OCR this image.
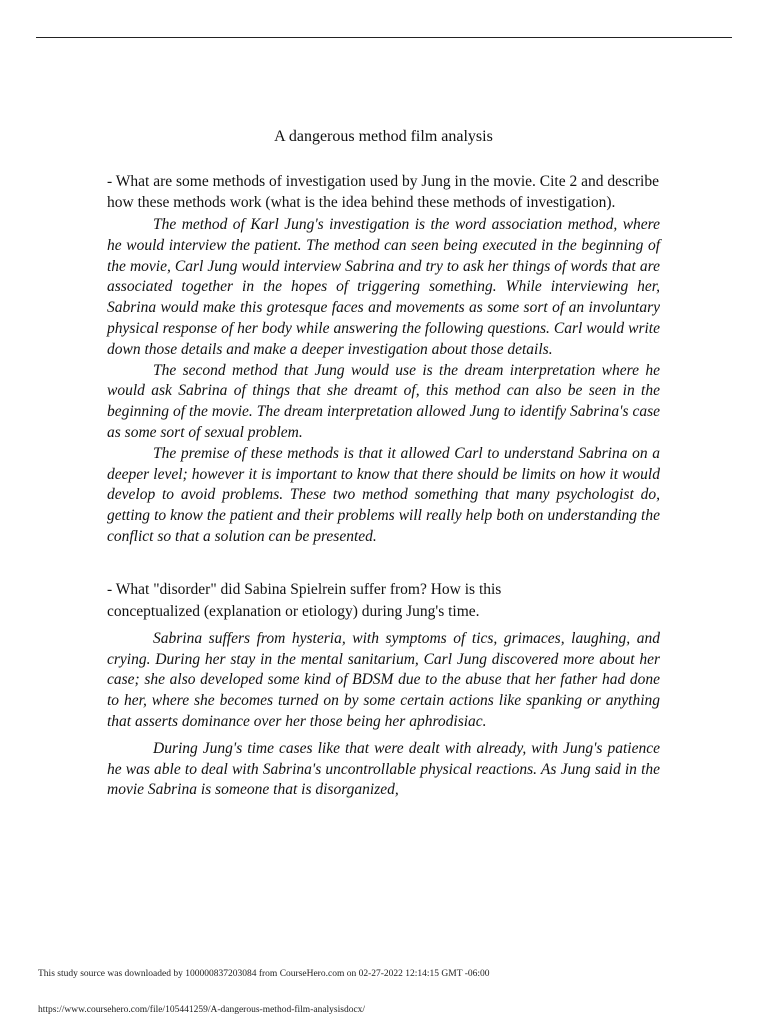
A dangerous method film analysis

- What are some methods of investigation used by Jung in the movie. Cite 2 and describe how these methods work (what is the idea behind these methods of investigation).

The method of Karl Jung's investigation is the word association method, where he would interview the patient. The method can seen being executed in the beginning of the movie, Carl Jung would interview Sabrina and try to ask her things of words that are associated together in the hopes of triggering something. While interviewing her, Sabrina would make this grotesque faces and movements as some sort of an involuntary physical response of her body while answering the following questions. Carl would write down those details and make a deeper investigation about those details.

The second method that Jung would use is the dream interpretation where he would ask Sabrina of things that she dreamt of, this method can also be seen in the beginning of the movie. The dream interpretation allowed Jung to identify Sabrina's case as some sort of sexual problem.

The premise of these methods is that it allowed Carl to understand Sabrina on a deeper level; however it is important to know that there should be limits on how it would develop to avoid problems. These two method something that many psychologist do, getting to know the patient and their problems will really help both on understanding the conflict so that a solution can be presented.

- What "disorder" did Sabina Spielrein suffer from? How is this

conceptualized (explanation or etiology) during Jung's time.

Sabrina suffers from hysteria, with symptoms of tics, grimaces, laughing, and crying. During her stay in the mental sanitarium, Carl Jung discovered more about her case; she also developed some kind of BDSM due to the abuse that her father had done to her, where she becomes turned on by some certain actions like spanking or anything that asserts dominance over her those being her aphrodisiac.

During Jung's time cases like that were dealt with already, with Jung's patience he was able to deal with Sabrina's uncontrollable physical reactions. As Jung said in the movie Sabrina is someone that is disorganized,

This study source was downloaded by 100000837203084 from CourseHero.com on 02-27-2022 12:14:15 GMT -06:00
https://www.coursehero.com/file/105441259/A-dangerous-method-film-analysisdocx/
